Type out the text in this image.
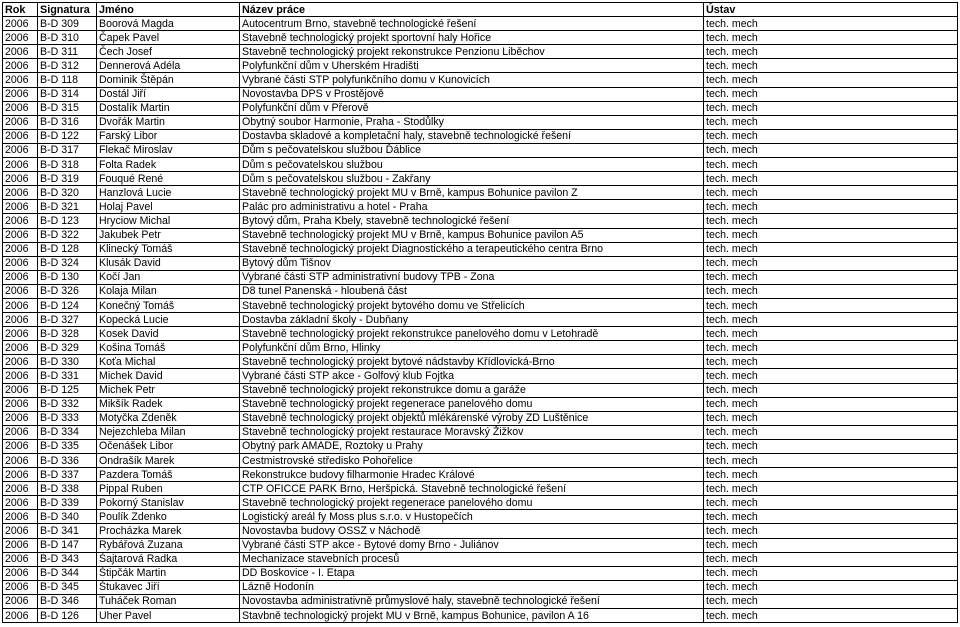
Rok	Signatura	Jméno	Název práce	Ústav
2006	B-D 309	Boorová Magda	Autocentrum Brno, stavebně technologické řešení	tech. mech
2006	B-D 310	Čapek Pavel	Stavebně technologický projekt sportovní haly Hořice	tech. mech
2006	B-D 311	Čech Josef	Stavebně technologický projekt rekonstrukce Penzionu Liběchov	tech. mech
2006	B-D 312	Dennerová Adéla	Polyfunkční dům v Uherském Hradišti	tech. mech
2006	B-D 118	Dominik Štěpán	Vybrané části STP polyfunkčního domu v Kunovicích	tech. mech
2006	B-D 314	Dostál Jiří	Novostavba DPS v Prostějově	tech. mech
2006	B-D 315	Dostalík Martin	Polyfunkční dům v Přerově	tech. mech
2006	B-D 316	Dvořák Martin	Obytný soubor Harmonie, Praha - Stodůlky	tech. mech
2006	B-D 122	Farský Libor	Dostavba skladové a kompletační haly, stavebně technologické řešení	tech. mech
2006	B-D 317	Flekač Miroslav	Dům s pečovatelskou službou Ďáblice	tech. mech
2006	B-D 318	Folta Radek	Dům s pečovatelskou službou	tech. mech
2006	B-D 319	Fouqué René	Dům s pečovatelskou službou - Zakřany	tech. mech
2006	B-D 320	Hanzlová Lucie	Stavebně technologický projekt MU v Brně, kampus Bohunice pavilon Z	tech. mech
2006	B-D 321	Holaj Pavel	Palác pro administrativu a hotel - Praha	tech. mech
2006	B-D 123	Hryciow Michal	Bytový dům, Praha Kbely, stavebně technologické řešení	tech. mech
2006	B-D 322	Jakubek Petr	Stavebně technologický projekt MU v Brně, kampus Bohunice pavilon A5	tech. mech
2006	B-D 128	Klinecký Tomáš	Stavebně technologický projekt Diagnostického a terapeutického centra Brno	tech. mech
2006	B-D 324	Klusák David	Bytový dům Tišnov	tech. mech
2006	B-D 130	Kočí Jan	Vybrané části STP administrativní budovy TPB - Zona	tech. mech
2006	B-D 326	Kolaja Milan	D8 tunel Panenská - hloubená část	tech. mech
2006	B-D 124	Konečný Tomáš	Stavebně technologický projekt bytového domu ve Střelicích	tech. mech
2006	B-D 327	Kopecká Lucie	Dostavba základní školy - Dubňany	tech. mech
2006	B-D 328	Kosek David	Stavebně technologický projekt rekonstrukce panelového domu v Letohradě	tech. mech
2006	B-D 329	Košina Tomáš	Polyfunkční dům Brno, Hlinky	tech. mech
2006	B-D 330	Koťa Michal	Stavebně technologický projekt bytové nádstavby Křídlovická-Brno	tech. mech
2006	B-D 331	Michek David	Vybrané části STP akce - Golfový klub Fojtka	tech. mech
2006	B-D 125	Michek Petr	Stavebně technologický projekt rekonstrukce domu a garáže	tech. mech
2006	B-D 332	Mikšík Radek	Stavebně technologický projekt regenerace panelového domu	tech. mech
2006	B-D 333	Motyčka Zdeněk	Stavebně technologický projekt objektů mlékárenské výroby ZD Luštěnice	tech. mech
2006	B-D 334	Nejezchleba Milan	Stavebně technologický projekt restaurace Moravský Žižkov	tech. mech
2006	B-D 335	Očenášek Libor	Obytný park AMADE, Roztoky u Prahy	tech. mech
2006	B-D 336	Ondrašík Marek	Cestmistrovské středisko Pohořelice	tech. mech
2006	B-D 337	Pazdera Tomáš	Rekonstrukce budovy filharmonie Hradec Králové	tech. mech
2006	B-D 338	Pippal Ruben	CTP OFICCE PARK Brno, Heršpická. Stavebně technologické řešení	tech. mech
2006	B-D 339	Pokorný Stanislav	Stavebně technologický projekt regenerace panelového domu	tech. mech
2006	B-D 340	Poulík Zdenko	Logistický areál fy Moss plus s.r.o. v Hustopečích	tech. mech
2006	B-D 341	Procházka Marek	Novostavba budovy OSSZ v Náchodě	tech. mech
2006	B-D 147	Rybářová Zuzana	Vybrané části STP akce - Bytové domy Brno - Juliánov	tech. mech
2006	B-D 343	Šajtarová Radka	Mechanizace stavebních procesů	tech. mech
2006	B-D 344	Štipčák Martin	DD Boskovice - I. Etapa	tech. mech
2006	B-D 345	Štukavec Jiří	Lázně Hodonín	tech. mech
2006	B-D 346	Tuháček Roman	Novostavba administrativně průmyslové haly, stavebně technologické řešení	tech. mech
2006	B-D 126	Uher Pavel	Stavbně technologický projekt MU v Brně, kampus Bohunice, pavilon A 16	tech. mech
